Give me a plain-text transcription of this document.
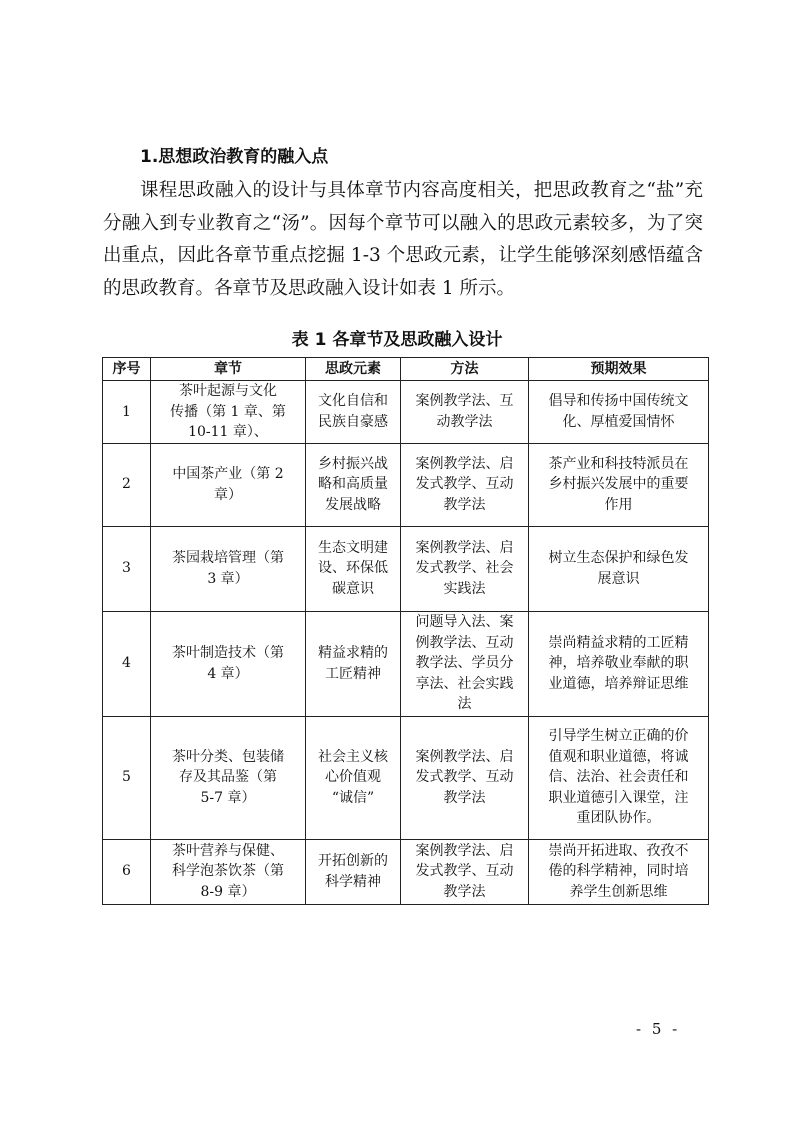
1.思想政治教育的融入点

课程思政融入的设计与具体章节内容高度相关，把思政教育之“盐”充分融入到专业教育之“汤”。因每个章节可以融入的思政元素较多，为了突出重点，因此各章节重点挖掘 1-3 个思政元素，让学生能够深刻感悟蕴含的思政教育。各章节及思政融入设计如表 1 所示。

表 1 各章节及思政融入设计
序号	章节	思政元素	方法	预期效果
1	茶叶起源与文化
传播（第 1 章、第
10-11 章）、	文化自信和
民族自豪感	案例教学法、互
动教学法	倡导和传扬中国传统文
化、厚植爱国情怀
2	中国茶产业（第 2
章）	乡村振兴战
略和高质量
发展战略	案例教学法、启
发式教学、互动
教学法	茶产业和科技特派员在
乡村振兴发展中的重要
作用
3	茶园栽培管理（第
3 章）	生态文明建
设、环保低
碳意识	案例教学法、启
发式教学、社会
实践法	树立生态保护和绿色发
展意识
4	茶叶制造技术（第
4 章）	精益求精的
工匠精神	问题导入法、案
例教学法、互动
教学法、学员分
享法、社会实践
法	崇尚精益求精的工匠精
神，培养敬业奉献的职
业道德，培养辩证思维
5	茶叶分类、包装储
存及其品鉴（第
5-7 章）	社会主义核
心价值观
“诚信”	案例教学法、启
发式教学、互动
教学法	引导学生树立正确的价
值观和职业道德，将诚
信、法治、社会责任和
职业道德引入课堂，注
重团队协作。
6	茶叶营养与保健、
科学泡茶饮茶（第
8-9 章）	开拓创新的
科学精神	案例教学法、启
发式教学、互动
教学法	崇尚开拓进取、孜孜不
倦的科学精神，同时培
养学生创新思维
- 5 -
